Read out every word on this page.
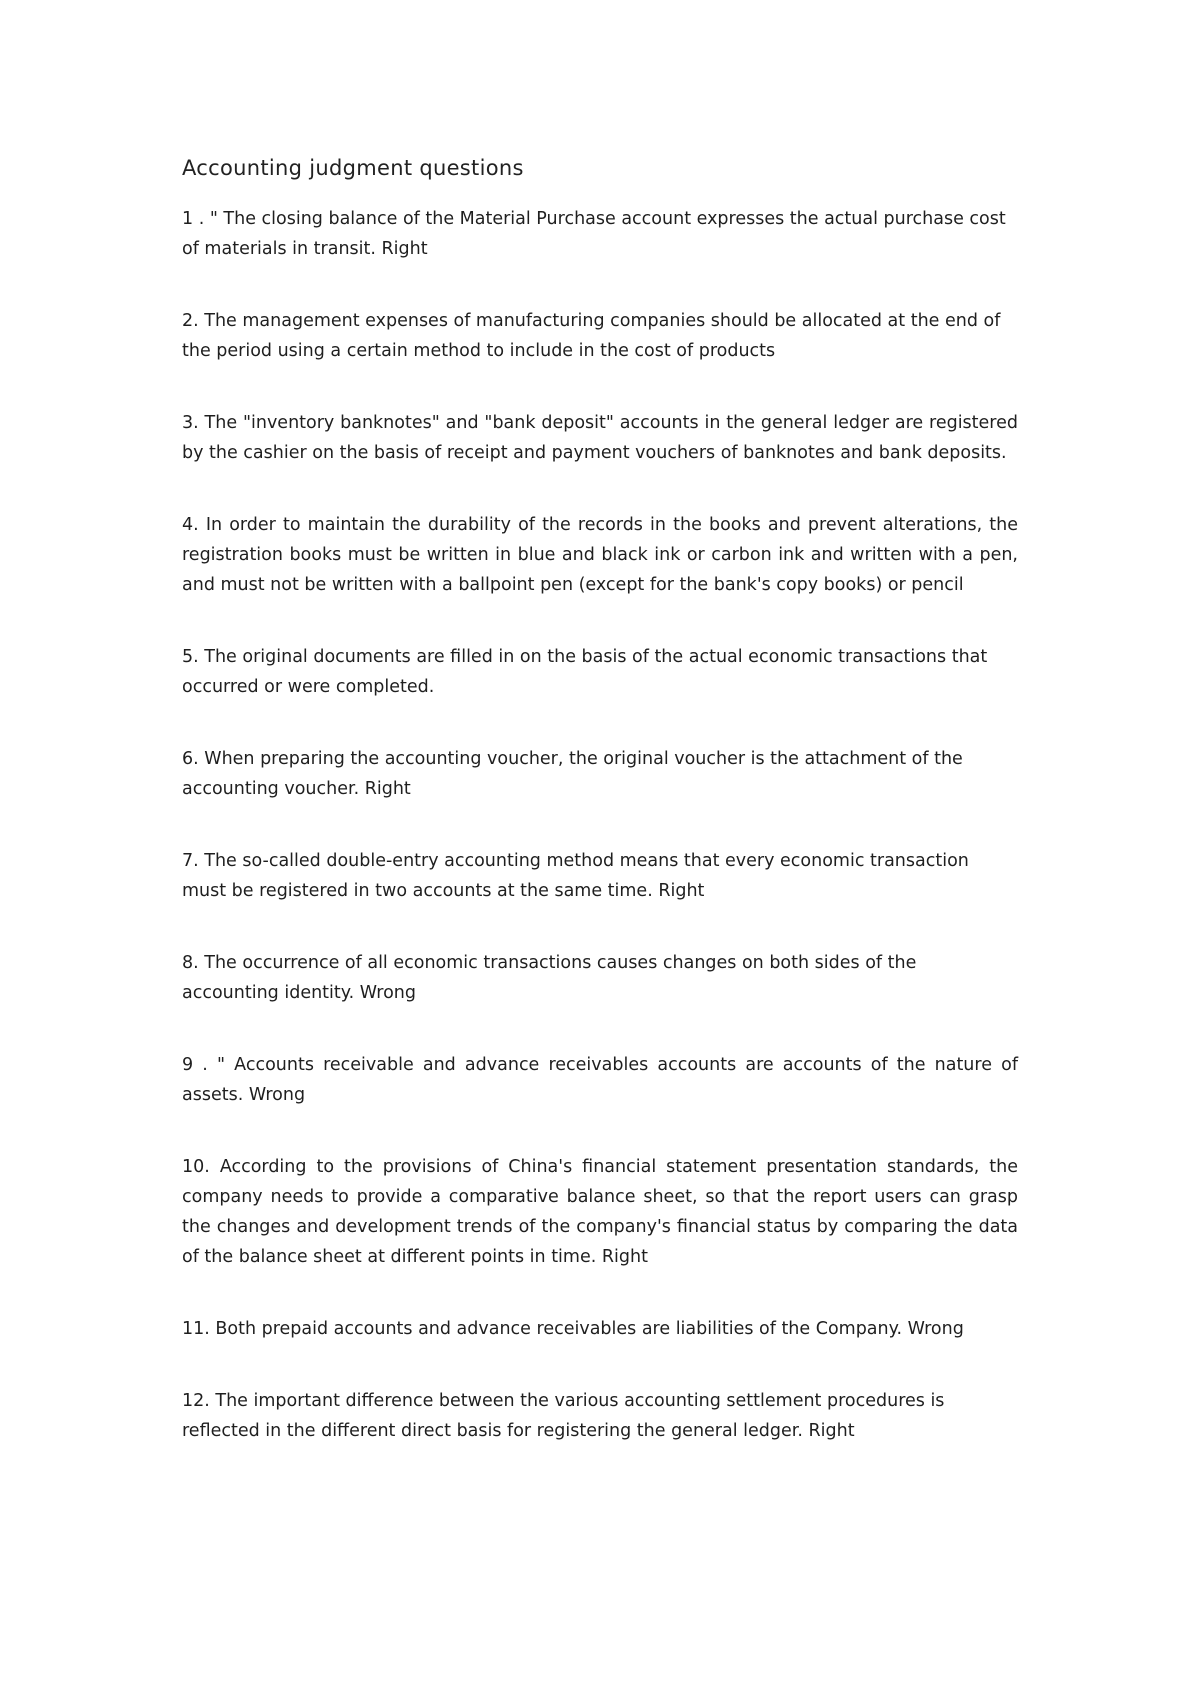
Accounting judgment questions

1 . " The closing balance of the Material Purchase account expresses the actual purchase cost of materials in transit. Right

2. The management expenses of manufacturing companies should be allocated at the end of the period using a certain method to include in the cost of products

3. The "inventory banknotes" and "bank deposit" accounts in the general ledger are registered by the cashier on the basis of receipt and payment vouchers of banknotes and bank deposits.

4. In order to maintain the durability of the records in the books and prevent alterations, the registration books must be written in blue and black ink or carbon ink and written with a pen, and must not be written with a ballpoint pen (except for the bank's copy books) or pencil

5. The original documents are filled in on the basis of the actual economic transactions that occurred or were completed.

6. When preparing the accounting voucher, the original voucher is the attachment of the accounting voucher. Right

7. The so-called double-entry accounting method means that every economic transaction must be registered in two accounts at the same time. Right

8. The occurrence of all economic transactions causes changes on both sides of the accounting identity. Wrong

9 . " Accounts receivable and advance receivables accounts are accounts of the nature of assets. Wrong

10. According to the provisions of China's financial statement presentation standards, the company needs to provide a comparative balance sheet, so that the report users can grasp the changes and development trends of the company's financial status by comparing the data of the balance sheet at different points in time. Right

11. Both prepaid accounts and advance receivables are liabilities of the Company. Wrong

12. The important difference between the various accounting settlement procedures is reflected in the different direct basis for registering the general ledger. Right
